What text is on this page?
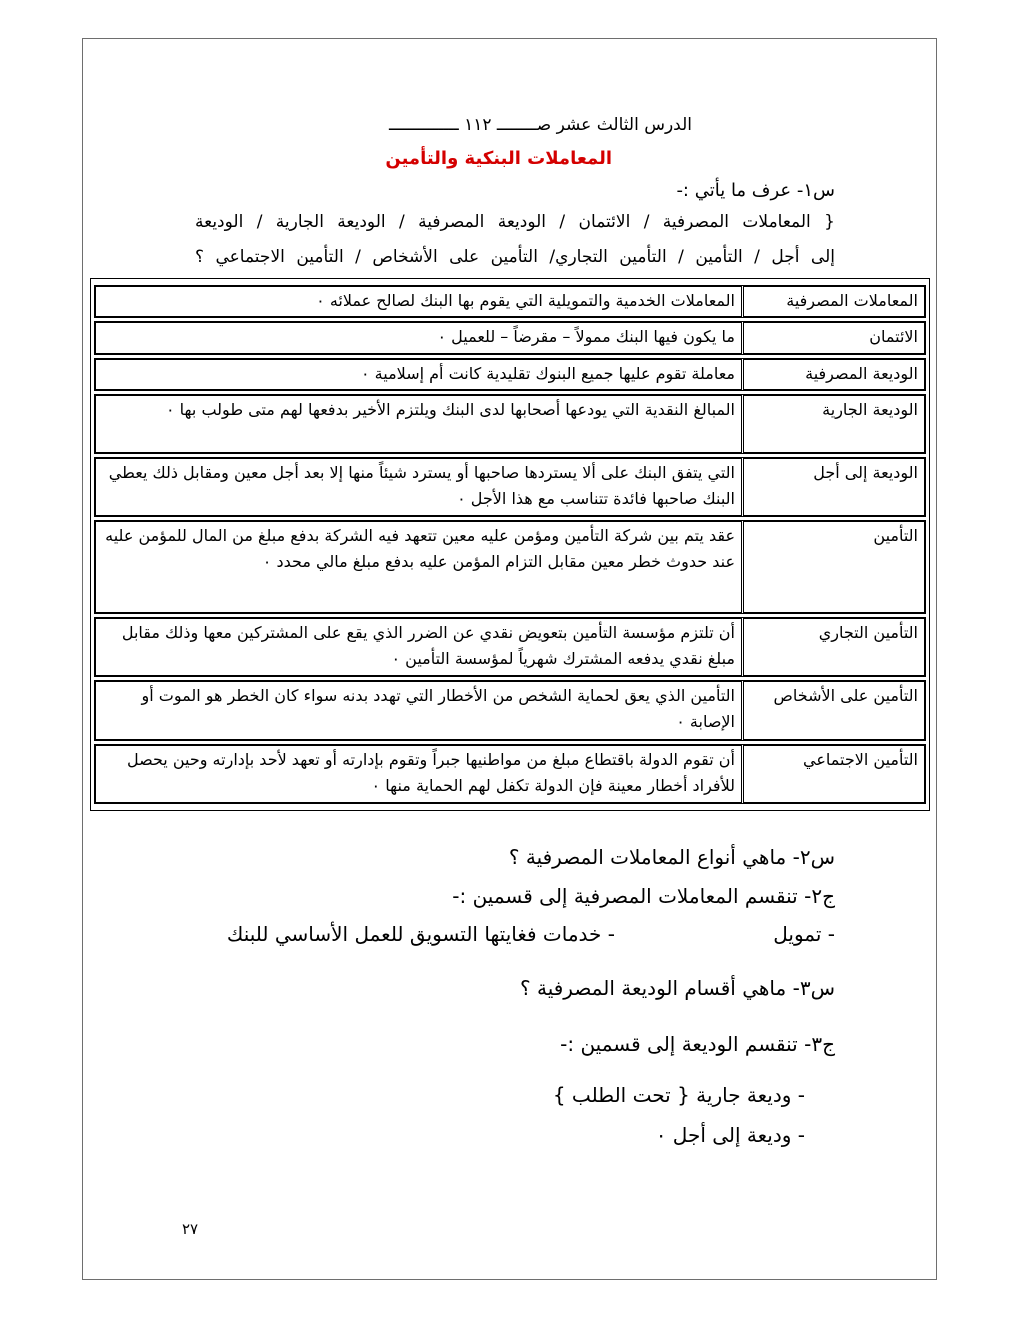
الدرس الثالث عشر صــــــــ ١١٢ ــــــــــــــ
المعاملات البنكية والتأمين
س١- عرف ما يأتي :-
{ المعاملات المصرفية / الائتمان / الوديعة المصرفية / الوديعة الجارية / الوديعة
إلى أجل / التأمين / التأمين التجاري/ التأمين على الأشخاص / التأمين الاجتماعي ؟
المعاملات المصرفية	المعاملات الخدمية والتمويلية التي يقوم بها البنك لصالح عملائه ٠
الائتمان	ما يكون فيها البنك ممولاً – مقرضاً – للعميل ٠
الوديعة المصرفية	معاملة تقوم عليها جميع البنوك تقليدية كانت أم إسلامية ٠
الوديعة الجارية	المبالغ النقدية التي يودعها أصحابها لدى البنك ويلتزم الأخير بدفعها لهم متى طولب بها ٠
الوديعة إلى أجل	التي يتفق البنك على ألا يستردها صاحبها أو يسترد شيئاً منها إلا بعد أجل معين ومقابل ذلك يعطي البنك صاحبها فائدة تتناسب مع هذا الأجل ٠
التأمين	عقد يتم بين شركة التأمين ومؤمن عليه معين تتعهد فيه الشركة بدفع مبلغ من المال للمؤمن عليه عند حدوث خطر معين مقابل التزام المؤمن عليه بدفع مبلغ مالي محدد ٠
التأمين التجاري	أن تلتزم مؤسسة التأمين بتعويض نقدي عن الضرر الذي يقع على المشتركين معها وذلك مقابل مبلغ نقدي يدفعه المشترك شهرياً لمؤسسة التأمين ٠
التأمين على الأشخاص	التأمين الذي يعق لحماية الشخص من الأخطار التي تهدد بدنه سواء كان الخطر هو الموت أو الإصابة ٠
التأمين الاجتماعي	أن تقوم الدولة باقتطاع مبلغ من مواطنيها جبراً وتقوم بإدارته أو تعهد لأحد بإدارته وحين يحصل للأفراد أخطار معينة فإن الدولة تكفل لهم الحماية منها ٠
س٢- ماهي أنواع المعاملات المصرفية ؟
ج٢- تنقسم المعاملات المصرفية إلى قسمين :-
- تمويل
- خدمات فغايتها التسويق للعمل الأساسي للبنك
س٣- ماهي أقسام الوديعة المصرفية ؟
ج٣- تنقسم الوديعة إلى قسمين :-
- وديعة جارية { تحت الطلب }
- وديعة إلى أجل ٠
٢٧
